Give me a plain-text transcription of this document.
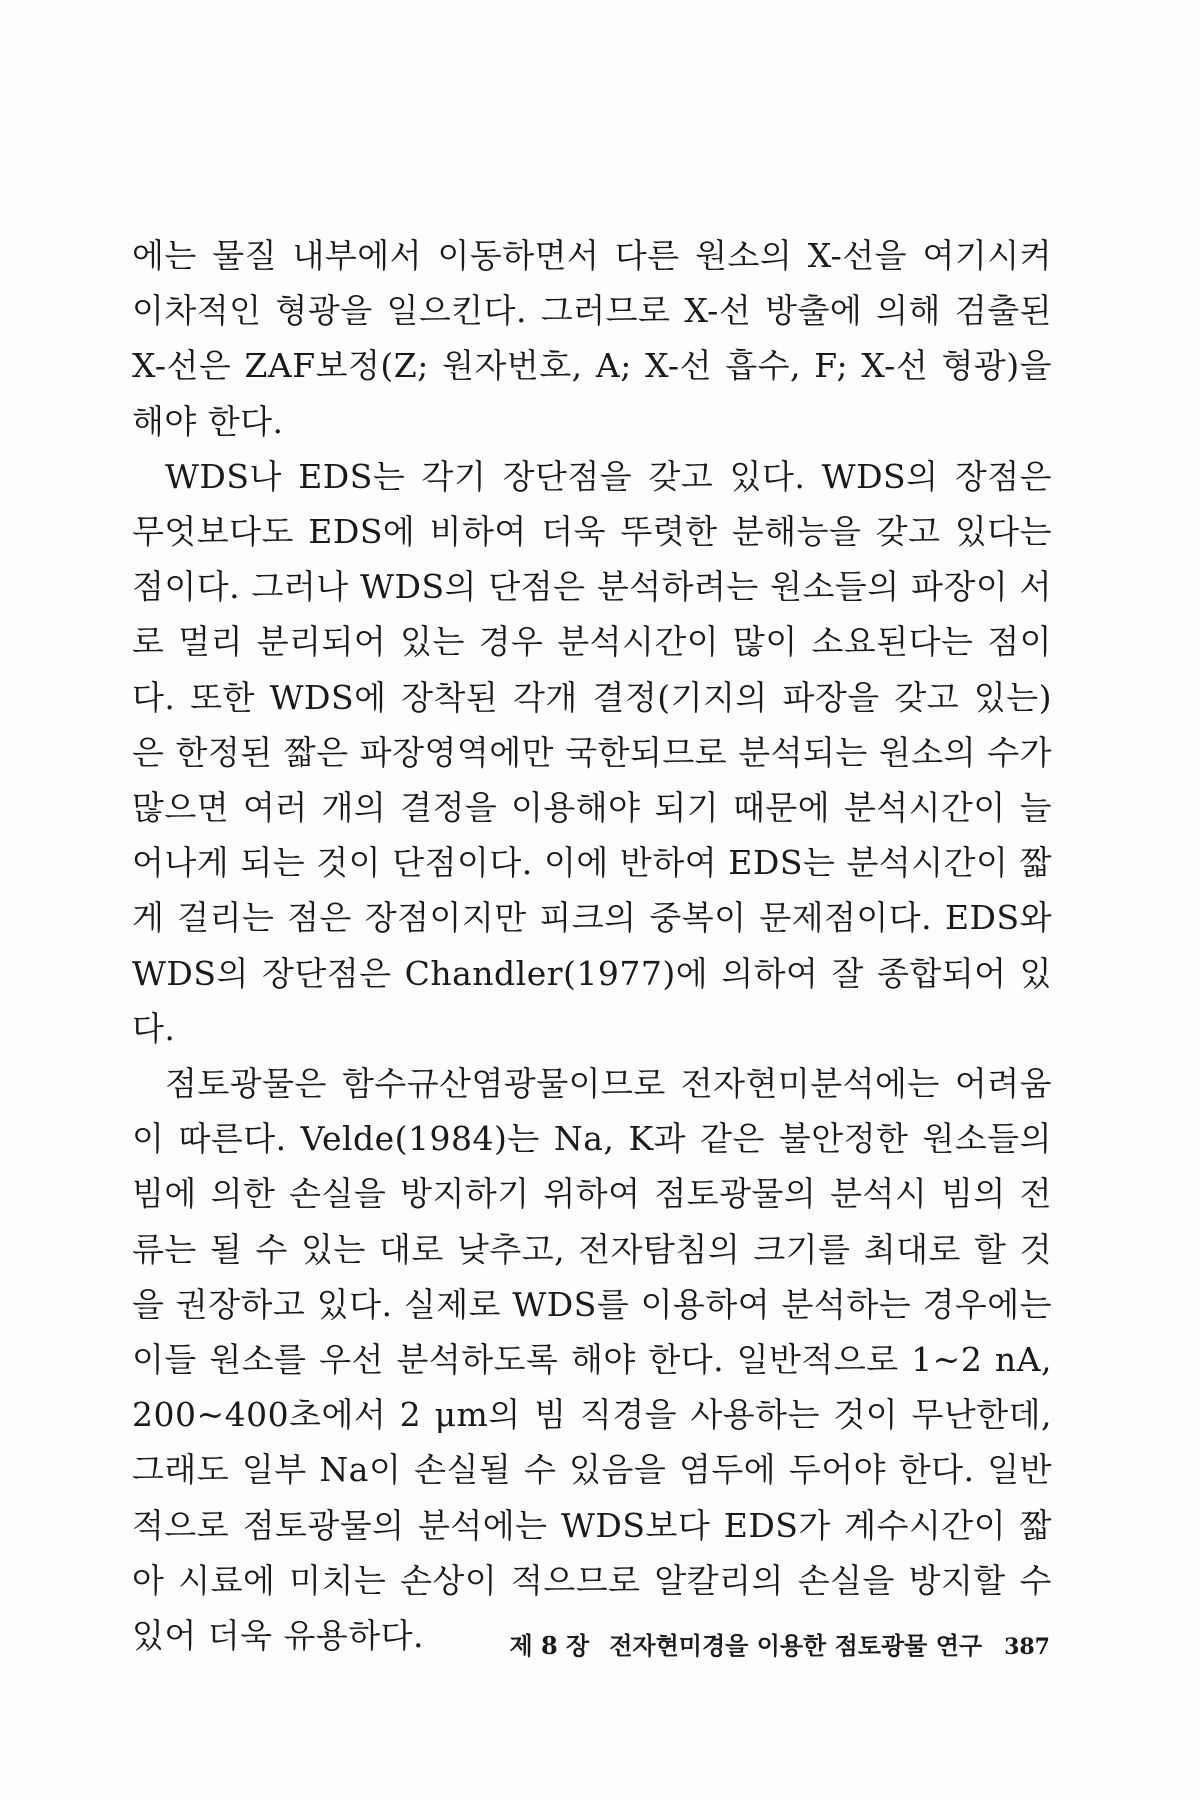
에는 물질 내부에서 이동하면서 다른 원소의 X-선을 여기시켜 이차적인 형광을 일으킨다. 그러므로 X-선 방출에 의해 검출된 X-선은 ZAF보정(Z; 원자번호, A; X-선 흡수, F; X-선 형광)을 해야 한다.

WDS나 EDS는 각기 장단점을 갖고 있다. WDS의 장점은 무엇보다도 EDS에 비하여 더욱 뚜렷한 분해능을 갖고 있다는 점이다. 그러나 WDS의 단점은 분석하려는 원소들의 파장이 서로 멀리 분리되어 있는 경우 분석시간이 많이 소요된다는 점이다. 또한 WDS에 장착된 각개 결정(기지의 파장을 갖고 있는)은 한정된 짧은 파장영역에만 국한되므로 분석되는 원소의 수가 많으면 여러 개의 결정을 이용해야 되기 때문에 분석시간이 늘어나게 되는 것이 단점이다. 이에 반하여 EDS는 분석시간이 짧게 걸리는 점은 장점이지만 피크의 중복이 문제점이다. EDS와 WDS의 장단점은 Chandler(1977)에 의하여 잘 종합되어 있다.

점토광물은 함수규산염광물이므로 전자현미분석에는 어려움이 따른다. Velde(1984)는 Na, K과 같은 불안정한 원소들의 빔에 의한 손실을 방지하기 위하여 점토광물의 분석시 빔의 전류는 될 수 있는 대로 낮추고, 전자탐침의 크기를 최대로 할 것을 권장하고 있다. 실제로 WDS를 이용하여 분석하는 경우에는 이들 원소를 우선 분석하도록 해야 한다. 일반적으로 1~2 nA, 200~400초에서 2 μm의 빔 직경을 사용하는 것이 무난한데, 그래도 일부 Na이 손실될 수 있음을 염두에 두어야 한다. 일반적으로 점토광물의 분석에는 WDS보다 EDS가 계수시간이 짧아 시료에 미치는 손상이 적으므로 알칼리의 손실을 방지할 수 있어 더욱 유용하다.	제 8 장 전자현미경을 이용한 점토광물 연구 387
